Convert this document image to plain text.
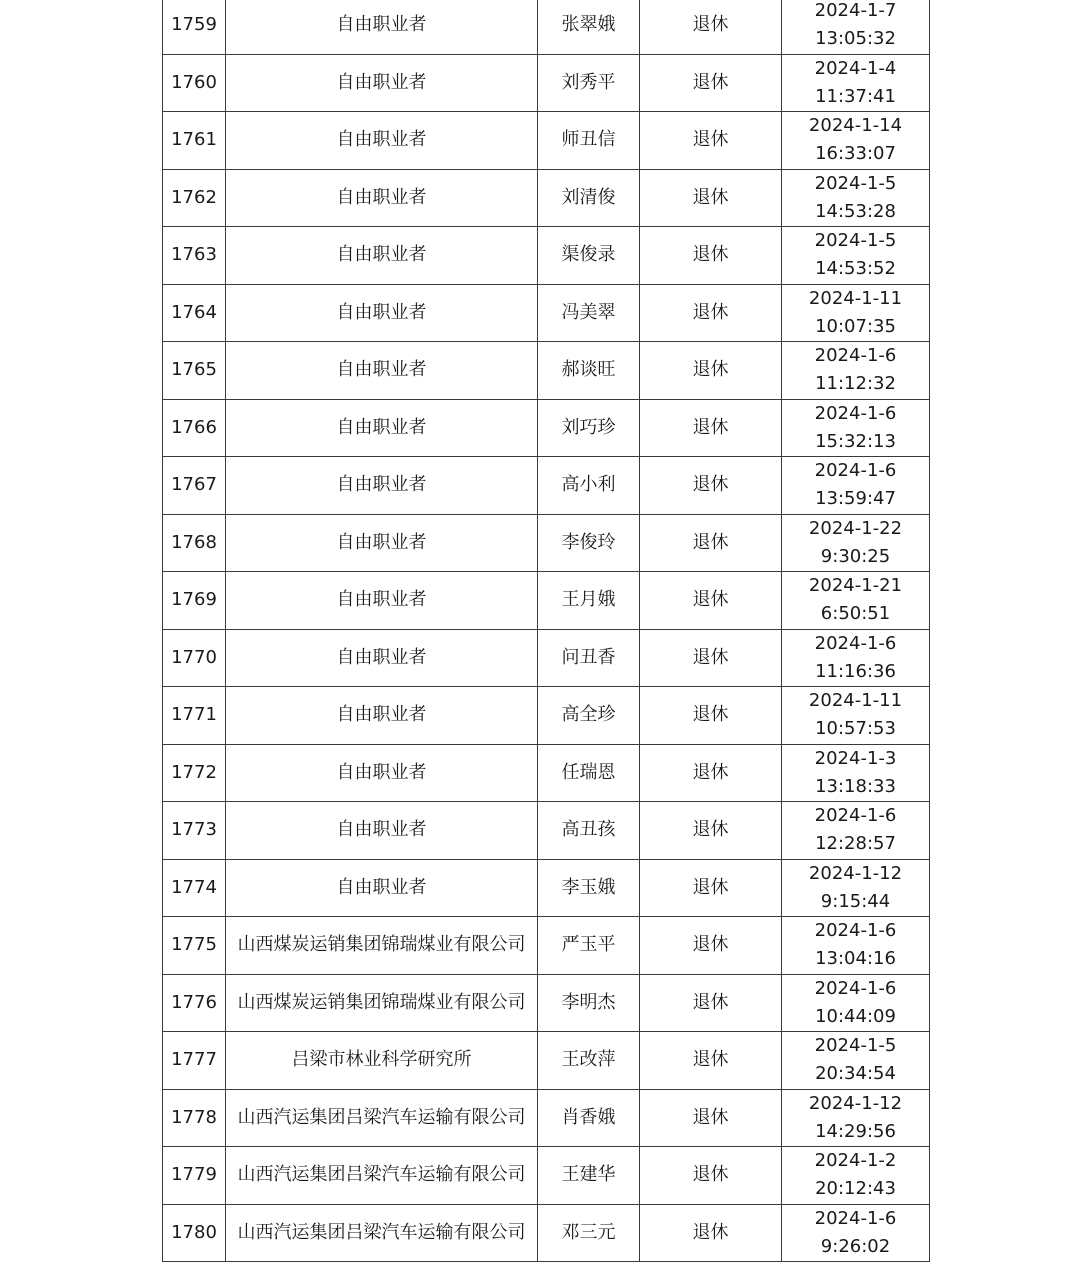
1759	自由职业者	张翠娥	退休	2024-1-7
13:05:32

1760	自由职业者	刘秀平	退休	2024-1-4
11:37:41

1761	自由职业者	师丑信	退休	2024-1-14
16:33:07

1762	自由职业者	刘清俊	退休	2024-1-5
14:53:28

1763	自由职业者	渠俊录	退休	2024-1-5
14:53:52

1764	自由职业者	冯美翠	退休	2024-1-11
10:07:35

1765	自由职业者	郝谈旺	退休	2024-1-6
11:12:32

1766	自由职业者	刘巧珍	退休	2024-1-6
15:32:13

1767	自由职业者	高小利	退休	2024-1-6
13:59:47

1768	自由职业者	李俊玲	退休	2024-1-22
9:30:25

1769	自由职业者	王月娥	退休	2024-1-21
6:50:51

1770	自由职业者	问丑香	退休	2024-1-6
11:16:36

1771	自由职业者	高全珍	退休	2024-1-11
10:57:53

1772	自由职业者	任瑞恩	退休	2024-1-3
13:18:33

1773	自由职业者	高丑孩	退休	2024-1-6
12:28:57

1774	自由职业者	李玉娥	退休	2024-1-12
9:15:44

1775	山西煤炭运销集团锦瑞煤业有限公司	严玉平	退休	2024-1-6
13:04:16

1776	山西煤炭运销集团锦瑞煤业有限公司	李明杰	退休	2024-1-6
10:44:09

1777	吕梁市林业科学研究所	王改萍	退休	2024-1-5
20:34:54

1778	山西汽运集团吕梁汽车运输有限公司	肖香娥	退休	2024-1-12
14:29:56

1779	山西汽运集团吕梁汽车运输有限公司	王建华	退休	2024-1-2
20:12:43

1780	山西汽运集团吕梁汽车运输有限公司	邓三元	退休	2024-1-6
9:26:02
